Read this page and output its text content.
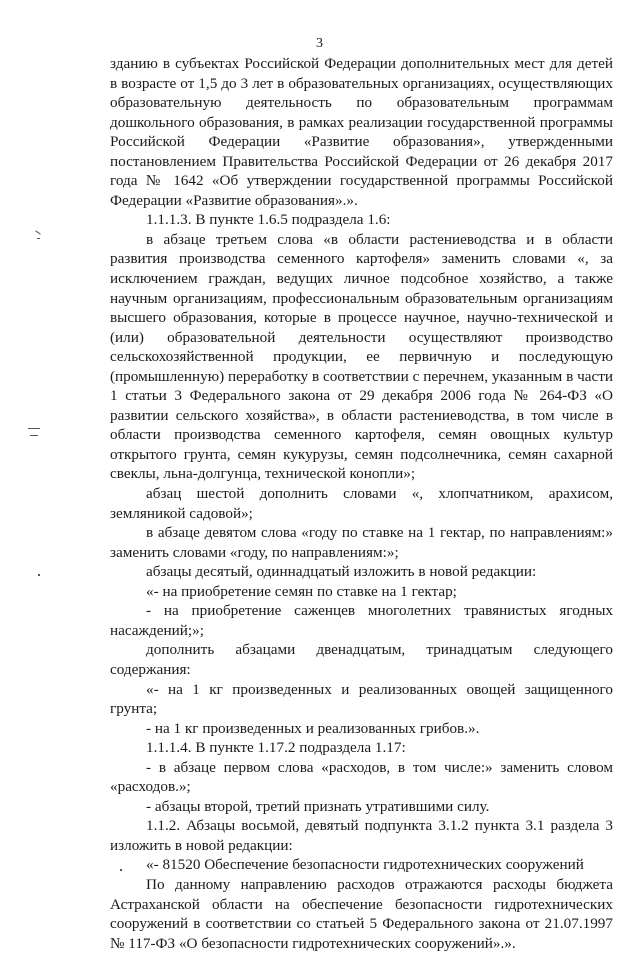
3

зданию в субъектах Российской Федерации дополнительных мест для детей в возрасте от 1,5 до 3 лет в образовательных организациях, осуществляющих образовательную деятельность по образовательным программам дошкольного образования, в рамках реализации государственной программы Российской Федерации «Развитие образования», утвержденными постановлением Правительства Российской Федерации от 26 декабря 2017 года № 1642 «Об утверждении государственной программы Российской Федерации «Развитие образования».».

1.1.1.3. В пункте 1.6.5 подраздела 1.6:

в абзаце третьем слова «в области растениеводства и в области развития производства семенного картофеля» заменить словами «, за исключением граждан, ведущих личное подсобное хозяйство, а также научным организациям, профессиональным образовательным организациям высшего образования, которые в процессе научное, научно-технической и (или) образовательной деятельности осуществляют производство сельскохозяйственной продукции, ее первичную и последующую (промышленную) переработку в соответствии с перечнем, указанным в части 1 статьи 3 Федерального закона от 29 декабря 2006 года № 264-ФЗ «О развитии сельского хозяйства», в области растениеводства, в том числе в области производства семенного картофеля, семян овощных культур открытого грунта, семян кукурузы, семян подсолнечника, семян сахарной свеклы, льна-долгунца, технической конопли»;

абзац шестой дополнить словами «, хлопчатником, арахисом, земляникой садовой»;

в абзаце девятом слова «году по ставке на 1 гектар, по направлениям:» заменить словами «году, по направлениям:»;

абзацы десятый, одиннадцатый изложить в новой редакции:

«- на приобретение семян по ставке на 1 гектар;

- на приобретение саженцев многолетних травянистых ягодных насаждений;»;

дополнить абзацами двенадцатым, тринадцатым следующего содержания:

«- на 1 кг произведенных и реализованных овощей защищенного грунта;

- на 1 кг произведенных и реализованных грибов.».

1.1.1.4. В пункте 1.17.2 подраздела 1.17:

- в абзаце первом слова «расходов, в том числе:» заменить словом «расходов.»;

- абзацы второй, третий признать утратившими силу.

1.1.2. Абзацы восьмой, девятый подпункта 3.1.2 пункта 3.1 раздела 3 изложить в новой редакции:

«- 81520 Обеспечение безопасности гидротехнических сооружений

По данному направлению расходов отражаются расходы бюджета Астраханской области на обеспечение безопасности гидротехнических сооружений в соответствии со статьей 5 Федерального закона от 21.07.1997 № 117-ФЗ «О безопасности гидротехнических сооружений».».
